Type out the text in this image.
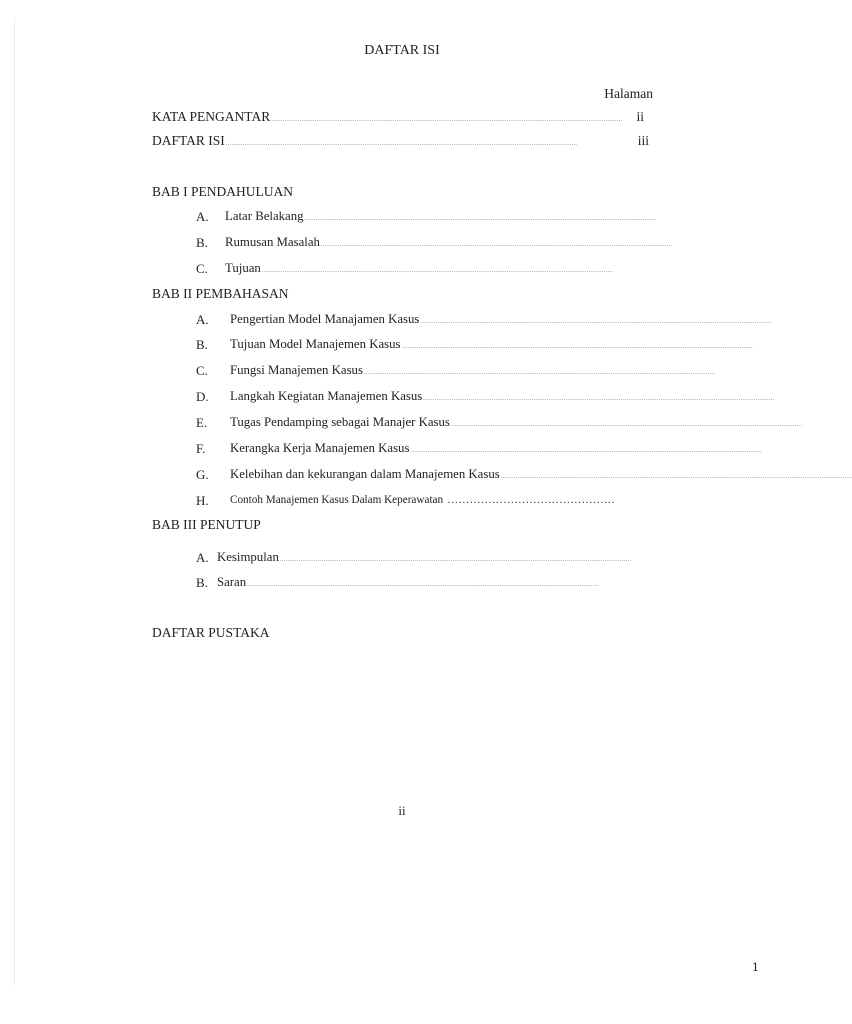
DAFTAR ISI
Halaman
KATA PENGANTAR .........................................................................................................................................................................................	ii
DAFTAR ISI .........................................................................................................................................................................................	iii
BAB I PENDAHULUAN
A. Latar Belakang .........................................................................................................................................................................................
B. Rumusan Masalah .........................................................................................................................................................................................
C. Tujuan .........................................................................................................................................................................................
BAB II PEMBAHASAN
A. Pengertian Model Manajamen Kasus .........................................................................................................................................................................................
B. Tujuan Model Manajemen Kasus .........................................................................................................................................................................................
C. Fungsi Manajemen Kasus .........................................................................................................................................................................................
D. Langkah Kegiatan Manajemen Kasus .........................................................................................................................................................................................
E. Tugas Pendamping sebagai Manajer Kasus .........................................................................................................................................................................................
F. Kerangka Kerja Manajemen Kasus .........................................................................................................................................................................................
G. Kelebihan dan kekurangan dalam Manajemen Kasus .........................................................................................................................................................................................
H. Contoh Manajemen Kasus Dalam Keperawatan ………………………………………
BAB III PENUTUP
A. Kesimpulan .........................................................................................................................................................................................
B. Saran .........................................................................................................................................................................................
DAFTAR PUSTAKA
ii
1
